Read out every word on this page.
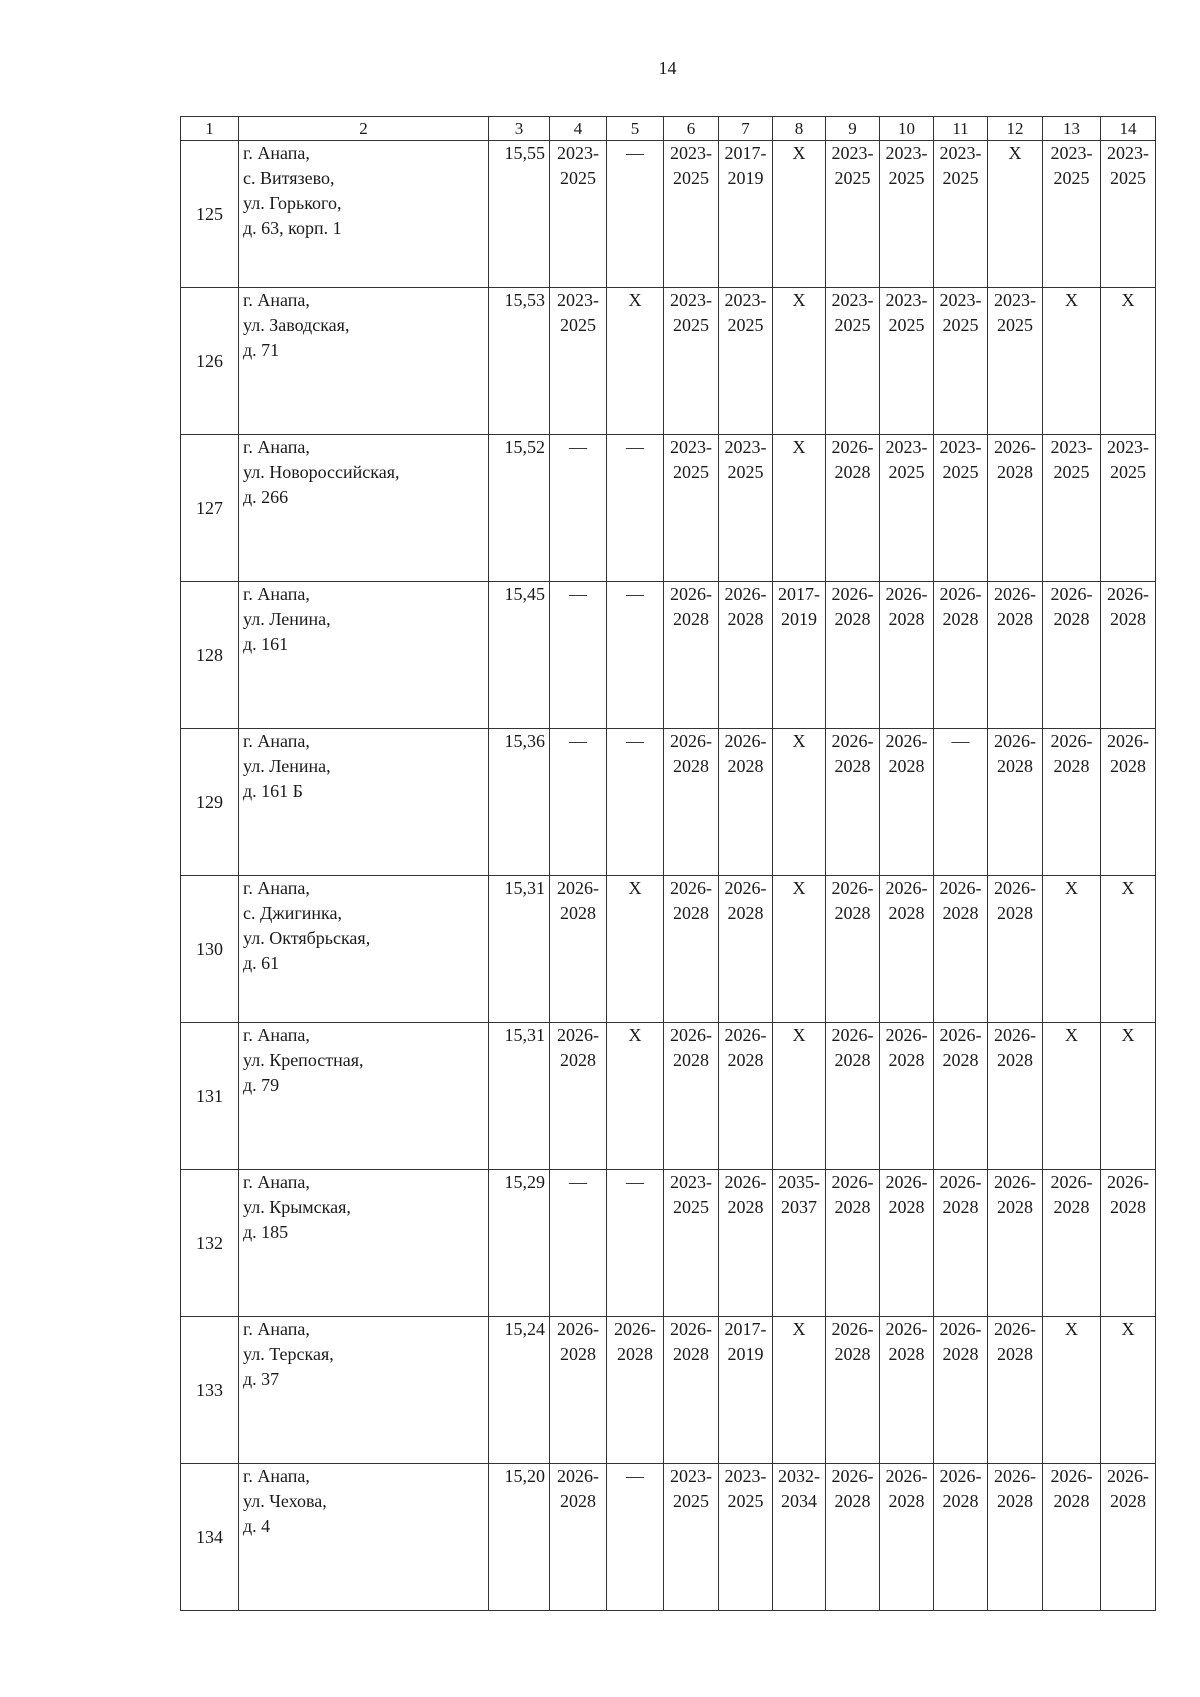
14
1	2	3	4	5	6	7	8	9	10	11	12	13	14
125	г. Анапа,
с. Витязево,
ул. Горького,
д. 63, корп. 1	15,55	2023-
2025	—	2023-
2025	2017-
2019	Х	2023-
2025	2023-
2025	2023-
2025	Х	2023-
2025	2023-
2025

126	г. Анапа,
ул. Заводская,
д. 71	15,53	2023-
2025	Х	2023-
2025	2023-
2025	Х	2023-
2025	2023-
2025	2023-
2025	2023-
2025	Х	Х

127	г. Анапа,
ул. Новороссийская,
д. 266	15,52	—	—	2023-
2025	2023-
2025	Х	2026-
2028	2023-
2025	2023-
2025	2026-
2028	2023-
2025	2023-
2025

128	г. Анапа,
ул. Ленина,
д. 161	15,45	—	—	2026-
2028	2026-
2028	2017-
2019	2026-
2028	2026-
2028	2026-
2028	2026-
2028	2026-
2028	2026-
2028

129	г. Анапа,
ул. Ленина,
д. 161 Б	15,36	—	—	2026-
2028	2026-
2028	Х	2026-
2028	2026-
2028	—	2026-
2028	2026-
2028	2026-
2028

130	г. Анапа,
с. Джигинка,
ул. Октябрьская,
д. 61	15,31	2026-
2028	Х	2026-
2028	2026-
2028	Х	2026-
2028	2026-
2028	2026-
2028	2026-
2028	Х	Х

131	г. Анапа,
ул. Крепостная,
д. 79	15,31	2026-
2028	Х	2026-
2028	2026-
2028	Х	2026-
2028	2026-
2028	2026-
2028	2026-
2028	Х	Х

132	г. Анапа,
ул. Крымская,
д. 185	15,29	—	—	2023-
2025	2026-
2028	2035-
2037	2026-
2028	2026-
2028	2026-
2028	2026-
2028	2026-
2028	2026-
2028

133	г. Анапа,
ул. Терская,
д. 37	15,24	2026-
2028	2026-
2028	2026-
2028	2017-
2019	Х	2026-
2028	2026-
2028	2026-
2028	2026-
2028	Х	Х

134	г. Анапа,
ул. Чехова,
д. 4	15,20	2026-
2028	—	2023-
2025	2023-
2025	2032-
2034	2026-
2028	2026-
2028	2026-
2028	2026-
2028	2026-
2028	2026-
2028
